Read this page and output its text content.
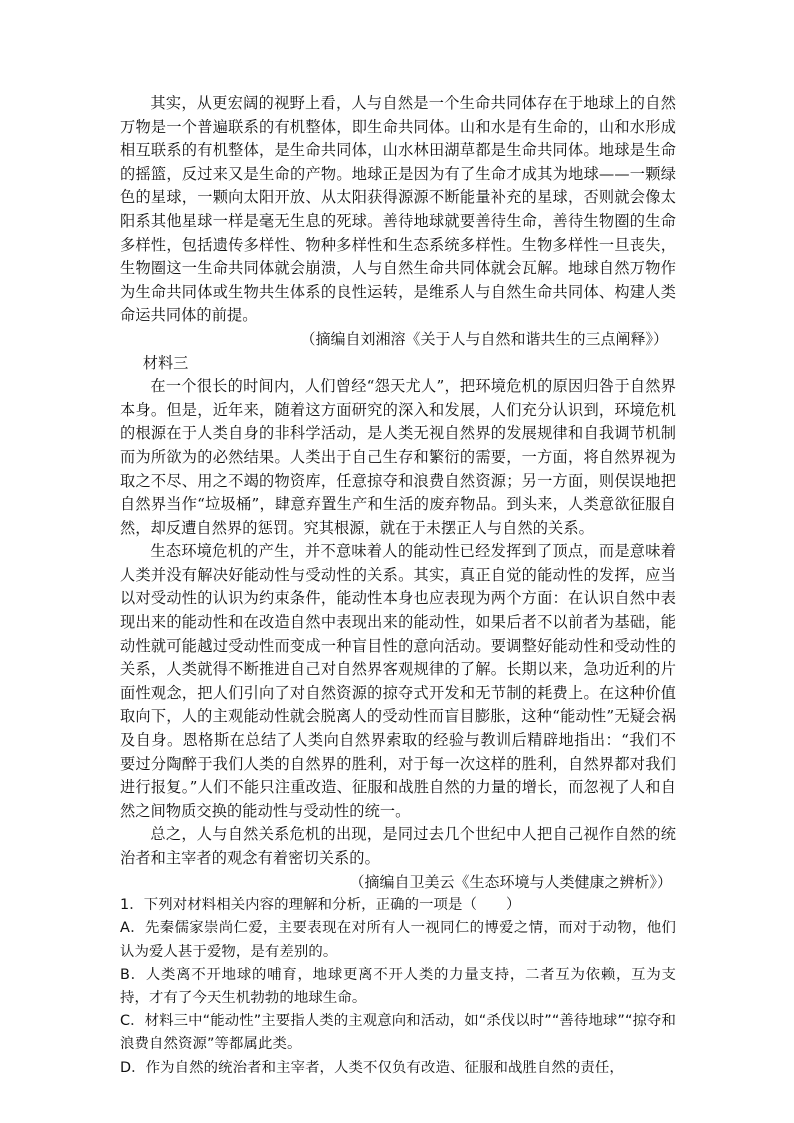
其实，从更宏阔的视野上看，人与自然是一个生命共同体存在于地球上的自然万物是一个普遍联系的有机整体，即生命共同体。山和水是有生命的，山和水形成相互联系的有机整体，是生命共同体，山水林田湖草都是生命共同体。地球是生命的摇篮，反过来又是生命的产物。地球正是因为有了生命才成其为地球——一颗绿色的星球，一颗向太阳开放、从太阳获得源源不断能量补充的星球，否则就会像太阳系其他星球一样是毫无生息的死球。善待地球就要善待生命，善待生物圈的生命多样性，包括遗传多样性、物种多样性和生态系统多样性。生物多样性一旦丧失，生物圈这一生命共同体就会崩溃，人与自然生命共同体就会瓦解。地球自然万物作为生命共同体或生物共生体系的良性运转，是维系人与自然生命共同体、构建人类命运共同体的前提。

（摘编自刘湘溶《关于人与自然和谐共生的三点阐释》）

材料三

在一个很长的时间内，人们曾经“怨天尤人”，把环境危机的原因归咎于自然界本身。但是，近年来，随着这方面研究的深入和发展，人们充分认识到，环境危机的根源在于人类自身的非科学活动，是人类无视自然界的发展规律和自我调节机制而为所欲为的必然结果。人类出于自己生存和繁衍的需要，一方面，将自然界视为取之不尽、用之不竭的物资库，任意掠夺和浪费自然资源；另一方面，则俣误地把自然界当作“垃圾桶”，肆意弃置生产和生活的废弃物品。到头来，人类意欲征服自然，却反遭自然界的惩罚。究其根源，就在于未摆正人与自然的关系。

生态环境危机的产生，并不意味着人的能动性已经发挥到了顶点，而是意味着人类并没有解决好能动性与受动性的关系。其实，真正自觉的能动性的发挥，应当以对受动性的认识为约束条件，能动性本身也应表现为两个方面：在认识自然中表现出来的能动性和在改造自然中表现出来的能动性，如果后者不以前者为基础，能动性就可能越过受动性而变成一种盲目性的意向活动。要调整好能动性和受动性的关系，人类就得不断推进自己对自然界客观规律的了解。长期以来，急功近利的片面性观念，把人们引向了对自然资源的掠夺式开发和无节制的耗费上。在这种价值取向下，人的主观能动性就会脱离人的受动性而盲目膨胀，这种“能动性”无疑会祸及自身。恩格斯在总结了人类向自然界索取的经验与教训后精辟地指出：“我们不要过分陶醉于我们人类的自然界的胜利，对于每一次这样的胜利，自然界都对我们进行报复。”人们不能只注重改造、征服和战胜自然的力量的增长，而忽视了人和自然之间物质交换的能动性与受动性的统一。

总之，人与自然关系危机的出现，是同过去几个世纪中人把自己视作自然的统治者和主宰者的观念有着密切关系的。

（摘编自卫美云《生态环境与人类健康之辨析》）

1．下列对材料相关内容的理解和分析，正确的一项是（　　）

A．先秦儒家崇尚仁爱，主要表现在对所有人一视同仁的博爱之情，而对于动物，他们认为爱人甚于爱物，是有差别的。

B．人类离不开地球的哺育，地球更离不开人类的力量支持，二者互为依赖，互为支持，才有了今天生机勃勃的地球生命。

C．材料三中“能动性”主要指人类的主观意向和活动，如“杀伐以时”“善待地球”“掠夺和浪费自然资源”等都属此类。

D．作为自然的统治者和主宰者，人类不仅负有改造、征服和战胜自然的责任，
